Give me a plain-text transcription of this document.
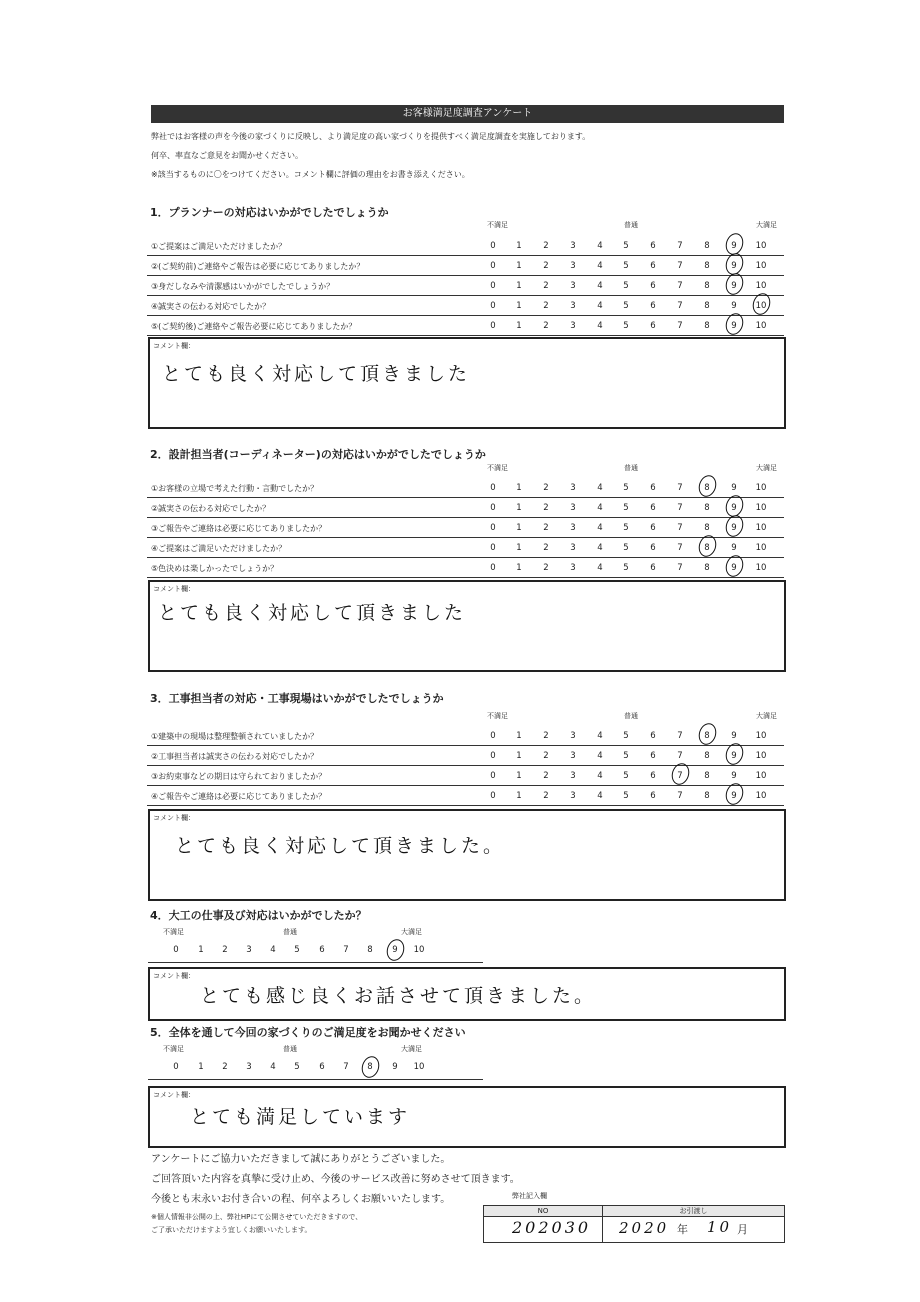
お客様満足度調査アンケート
弊社ではお客様の声を今後の家づくりに反映し、より満足度の高い家づくりを提供すべく満足度調査を実施しております。
何卒、率直なご意見をお聞かせください。
※該当するものに〇をつけてください。コメント欄に評価の理由をお書き添えください。
1．プランナーの対応はいかがでしたでしょうか
不満足	普通	大満足
①ご提案はご満足いただけましたか？	0	1	2	3	4	5	6	7	8	9	10
②(ご契約前)ご連絡やご報告は必要に応じてありましたか？	0	1	2	3	4	5	6	7	8	9	10
③身だしなみや清潔感はいかがでしたでしょうか？	0	1	2	3	4	5	6	7	8	9	10
④誠実さの伝わる対応でしたか？	0	1	2	3	4	5	6	7	8	9	10
⑤(ご契約後)ご連絡やご報告必要に応じてありましたか？	0	1	2	3	4	5	6	7	8	9	10
コメント欄：
とても良く対応して頂きました
2．設計担当者(コーディネーター)の対応はいかがでしたでしょうか
不満足	普通	大満足
①お客様の立場で考えた行動・言動でしたか？	0	1	2	3	4	5	6	7	8	9	10
②誠実さの伝わる対応でしたか？	0	1	2	3	4	5	6	7	8	9	10
③ご報告やご連絡は必要に応じてありましたか？	0	1	2	3	4	5	6	7	8	9	10
④ご提案はご満足いただけましたか？	0	1	2	3	4	5	6	7	8	9	10
⑤色決めは楽しかったでしょうか？	0	1	2	3	4	5	6	7	8	9	10
コメント欄：
とても良く対応して頂きました
3．工事担当者の対応・工事現場はいかがでしたでしょうか
不満足	普通	大満足
①建築中の現場は整理整頓されていましたか？	0	1	2	3	4	5	6	7	8	9	10
②工事担当者は誠実さの伝わる対応でしたか？	0	1	2	3	4	5	6	7	8	9	10
③お約束事などの期日は守られておりましたか？	0	1	2	3	4	5	6	7	8	9	10
④ご報告やご連絡は必要に応じてありましたか？	0	1	2	3	4	5	6	7	8	9	10
コメント欄：
とても良く対応して頂きました。
4．大工の仕事及び対応はいかがでしたか？
不満足	普通	大満足
0	1	2	3	4	5	6	7	8	9	10
コメント欄：
とても感じ良くお話させて頂きました。
5．全体を通して今回の家づくりのご満足度をお聞かせください
不満足	普通	大満足
0	1	2	3	4	5	6	7	8	9	10
コメント欄：
とても満足しています
アンケートにご協力いただきまして誠にありがとうございました。
ご回答頂いた内容を真摯に受け止め、今後のサービス改善に努めさせて頂きます。
今後とも末永いお付き合いの程、何卒よろしくお願いいたします。
※個人情報非公開の上、弊社HPにて公開させていただきますので、
ご了承いただけますよう宜しくお願いいたします。
弊社記入欄
NO	お引渡し
202030 2020 年 10 月
